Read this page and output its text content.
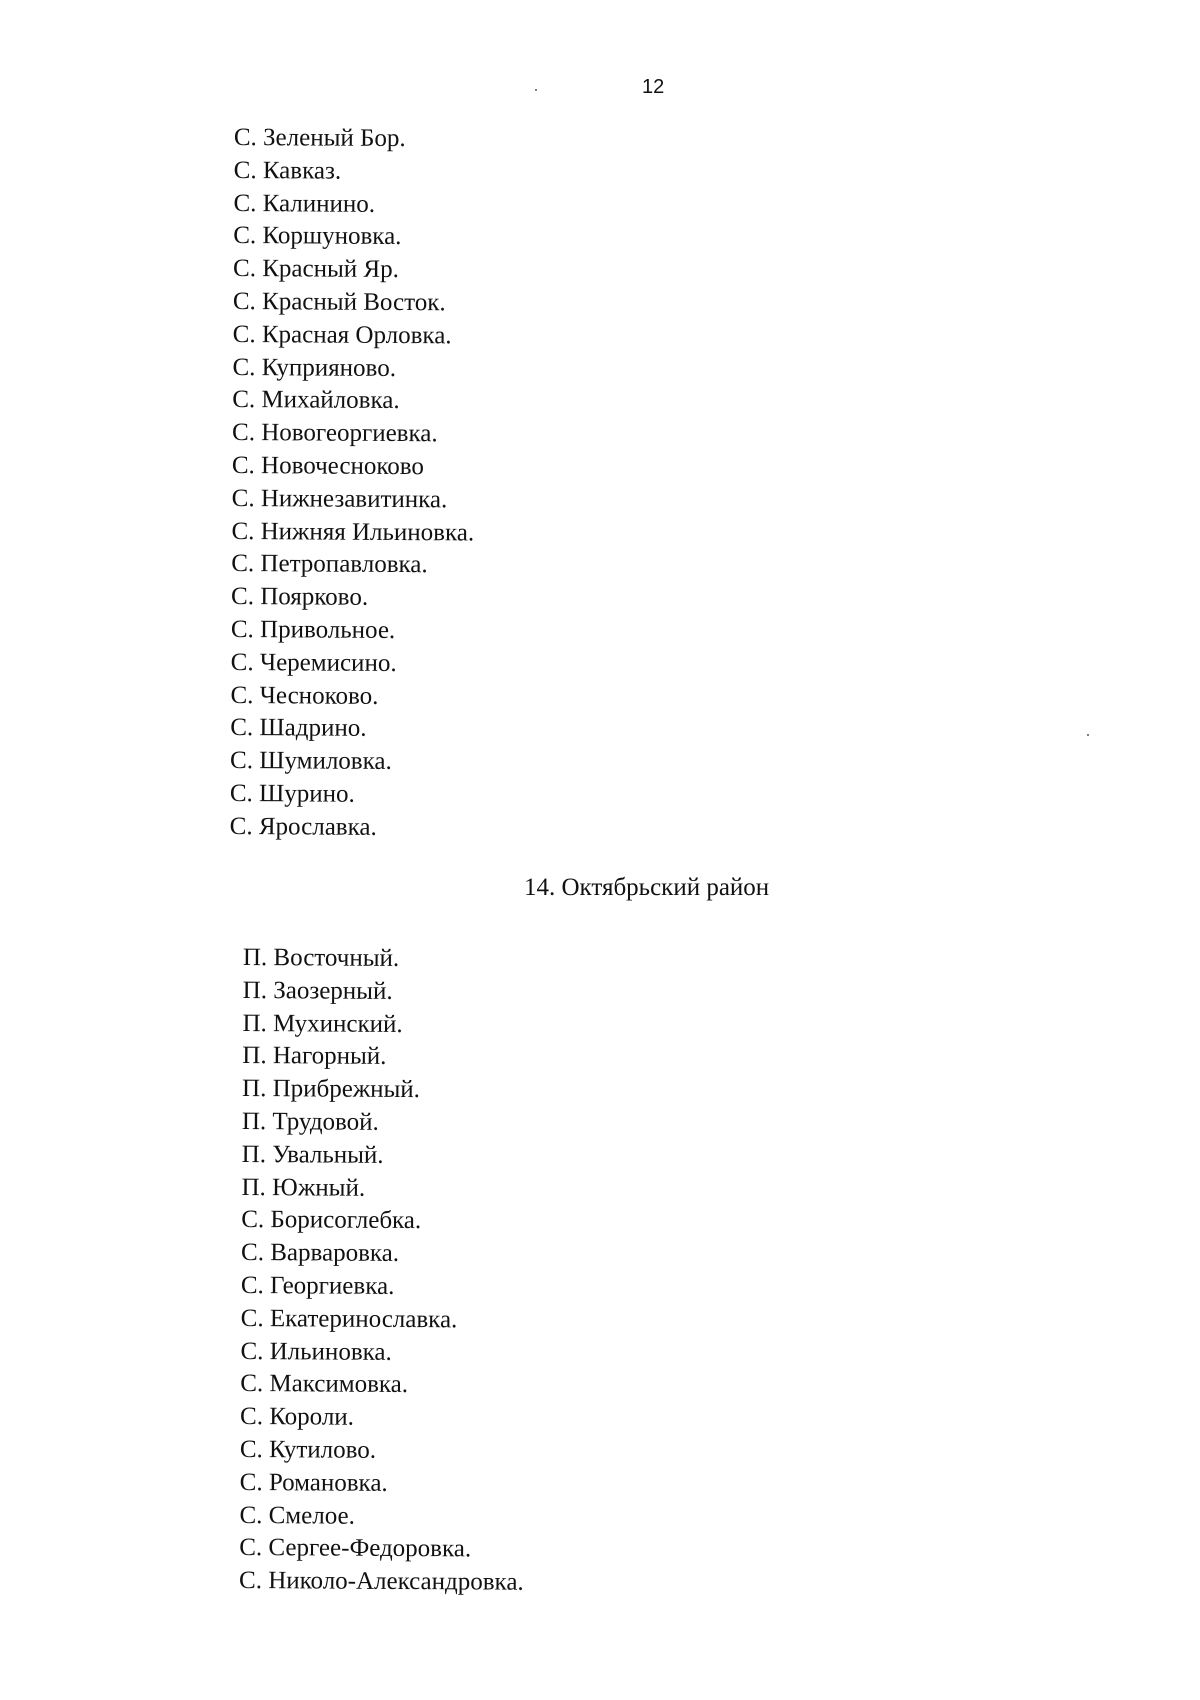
12
С. Зеленый Бор.
С. Кавказ.
С. Калинино.
С. Коршуновка.
С. Красный Яр.
С. Красный Восток.
С. Красная Орловка.
С. Куприяново.
С. Михайловка.
С. Новогеоргиевка.
С. Новочесноково
С. Нижнезавитинка.
С. Нижняя Ильиновка.
С. Петропавловка.
С. Поярково.
С. Привольное.
С. Черемисино.
С. Чесноково.
С. Шадрино.
С. Шумиловка.
С. Шурино.
С. Ярославка.
14. Октябрьский район
П. Восточный.
П. Заозерный.
П. Мухинский.
П. Нагорный.
П. Прибрежный.
П. Трудовой.
П. Увальный.
П. Южный.
С. Борисоглебка.
С. Варваровка.
С. Георгиевка.
С. Екатеринославка.
С. Ильиновка.
С. Максимовка.
С. Короли.
С. Кутилово.
С. Романовка.
С. Смелое.
С. Сергее-Федоровка.
С. Николо-Александровка.
